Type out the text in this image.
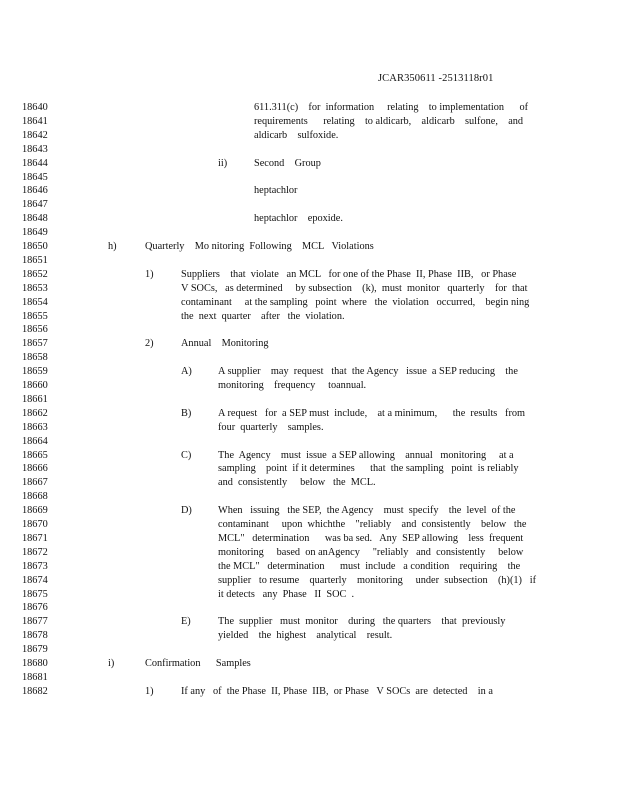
JCAR350611 -2513118r01
18640	611.311(c)    for  information     relating    to implementation      of
18641	requirements      relating    to aldicarb,    aldicarb    sulfone,    and
18642	aldicarb    sulfoxide.
18643
18644	ii)	Second    Group
18645
18646	heptachlor
18647
18648	heptachlor    epoxide.
18649
18650	h)	Quarterly    Mo nitoring  Following    MCL   Violations
18651
18652	1)	Suppliers    that  violate   an MCL   for one of the Phase  II, Phase  IIB,   or Phase
18653	V SOCs,   as determined     by subsection    (k),  must  monitor   quarterly    for  that
18654	contaminant     at the sampling   point  where   the  violation   occurred,    begin ning
18655	the  next  quarter    after   the  violation.
18656
18657	2)	Annual    Monitoring
18658
18659	A)	A supplier    may  request   that  the Agency   issue  a SEP reducing    the
18660	monitoring    frequency     toannual.
18661
18662	B)	A request   for  a SEP must  include,    at a minimum,      the  results   from
18663	four  quarterly    samples.
18664
18665	C)	The  Agency    must  issue  a SEP allowing    annual   monitoring     at a
18666	sampling    point  if it determines      that  the sampling   point  is reliably
18667	and  consistently     below   the  MCL.
18668
18669	D)	When   issuing   the SEP,  the Agency    must  specify    the  level  of the
18670	contaminant     upon  whichthe    "reliably    and  consistently    below   the
18671	MCL"   determination      was ba sed.   Any  SEP allowing    less  frequent
18672	monitoring     based  on anAgency     "reliably   and  consistently     below
18673	the MCL"   determination      must  include   a condition    requiring    the
18674	supplier   to resume    quarterly    monitoring     under  subsection    (h)(1)   if
18675	it detects   any  Phase   II  SOC  .
18676
18677	E)	The  supplier   must  monitor    during   the quarters    that  previously
18678	yielded    the  highest    analytical    result.
18679
18680	i)	Confirmation      Samples
18681
18682	1)	If any   of  the Phase  II, Phase  IIB,  or Phase   V SOCs  are  detected    in a
